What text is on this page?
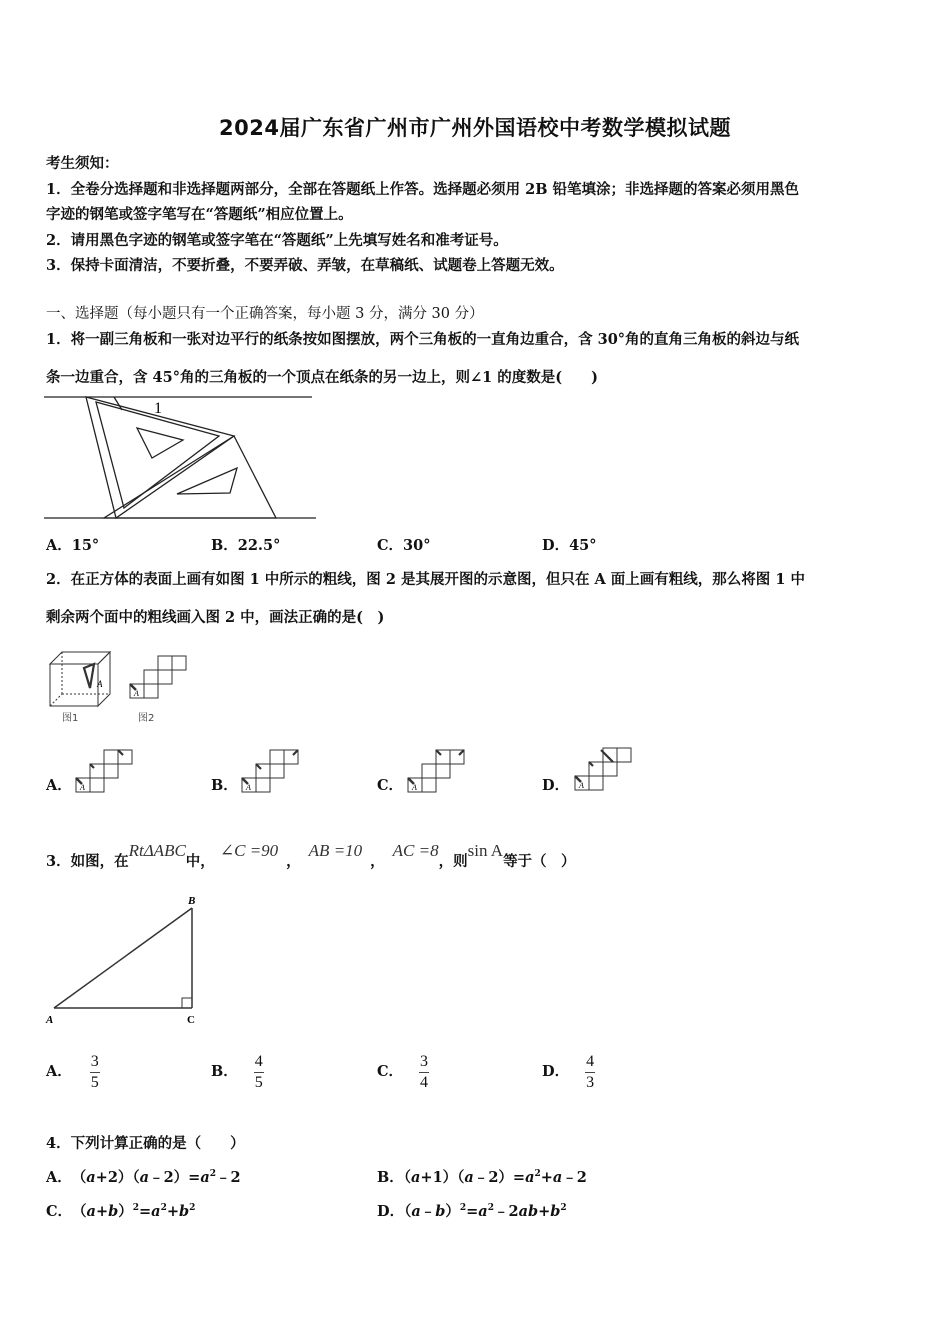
2024届广东省广州市广州外国语校中考数学模拟试题
考生须知：
1．全卷分选择题和非选择题两部分，全部在答题纸上作答。选择题必须用 2B 铅笔填涂；非选择题的答案必须用黑色
字迹的钢笔或签字笔写在“答题纸”相应位置上。
2．请用黑色字迹的钢笔或签字笔在“答题纸”上先填写姓名和准考证号。
3．保持卡面清洁，不要折叠，不要弄破、弄皱，在草稿纸、试题卷上答题无效。
一、选择题（每小题只有一个正确答案，每小题 3 分，满分 30 分）
1．将一副三角板和一张对边平行的纸条按如图摆放，两个三角板的一直角边重合，含 30°角的直角三角板的斜边与纸
条一边重合，含 45°角的三角板的一个顶点在纸条的另一边上，则∠1 的度数是(　　)
1
A．15°	B．22.5°	C．30°	D．45°
2．在正方体的表面上画有如图 1 中所示的粗线，图 2 是其展开图的示意图，但只在 A 面上画有粗线，那么将图 1 中
剩余两个面中的粗线画入图 2 中，画法正确的是(　)
A
图1
A
图2
A． A	B． A	C． A	D． A
3．如图，在RtΔABC中， ∠C =90，AB =10，AC =8，则sin A等于（　）
B
A	C
A． $\frac{3}{5}$	B． $\frac{4}{5}$	C． $\frac{3}{4}$	D． $\frac{4}{3}$
4．下列计算正确的是（　　）
A．　$(a+2)(a﹣2)=a^2﹣2$	B．$(a+1)(a﹣2)=a^2+a﹣2$
C．　$(a+b)^2=a^2+b^2$	D．$(a﹣b)^2=a^2﹣2ab+b^2$
